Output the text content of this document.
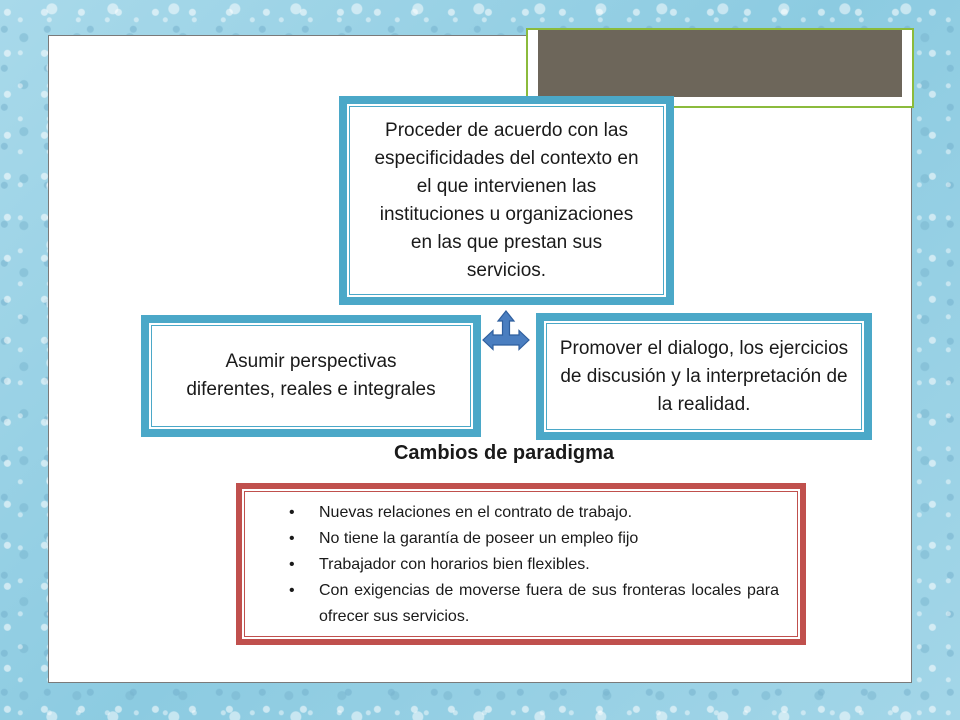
Proceder de acuerdo con las especificidades del contexto en el que intervienen las instituciones u organizaciones en las que prestan sus servicios.
Asumir perspectivas diferentes, reales e integrales
Promover el dialogo, los ejercicios de discusión y la interpretación de la realidad.
Cambios de paradigma
• Nuevas relaciones en el contrato de trabajo.
• No tiene la garantía de poseer un empleo fijo
• Trabajador con horarios bien flexibles.
• Con exigencias de moverse fuera de sus fronteras locales para ofrecer sus servicios.
